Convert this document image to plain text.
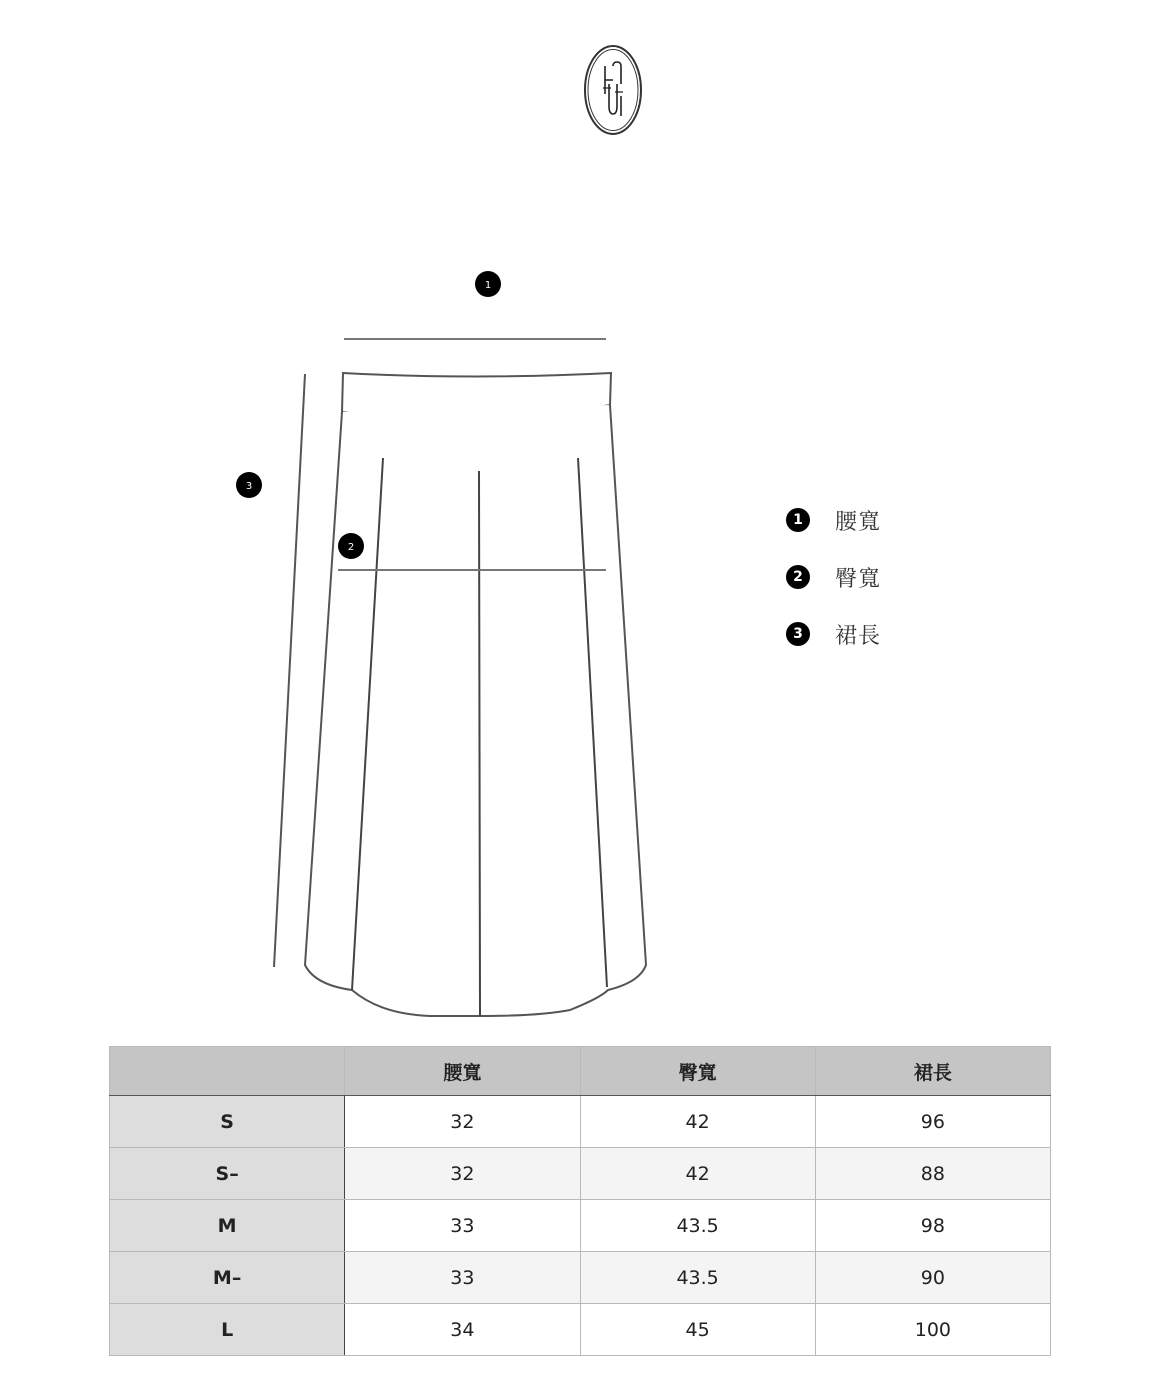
1
2
3
1	腰寬
2	臀寬
3	裙長
	腰寬	臀寬	裙長
S	32	42	96
S–	32	42	88
M	33	43.5	98
M–	33	43.5	90
L	34	45	100
